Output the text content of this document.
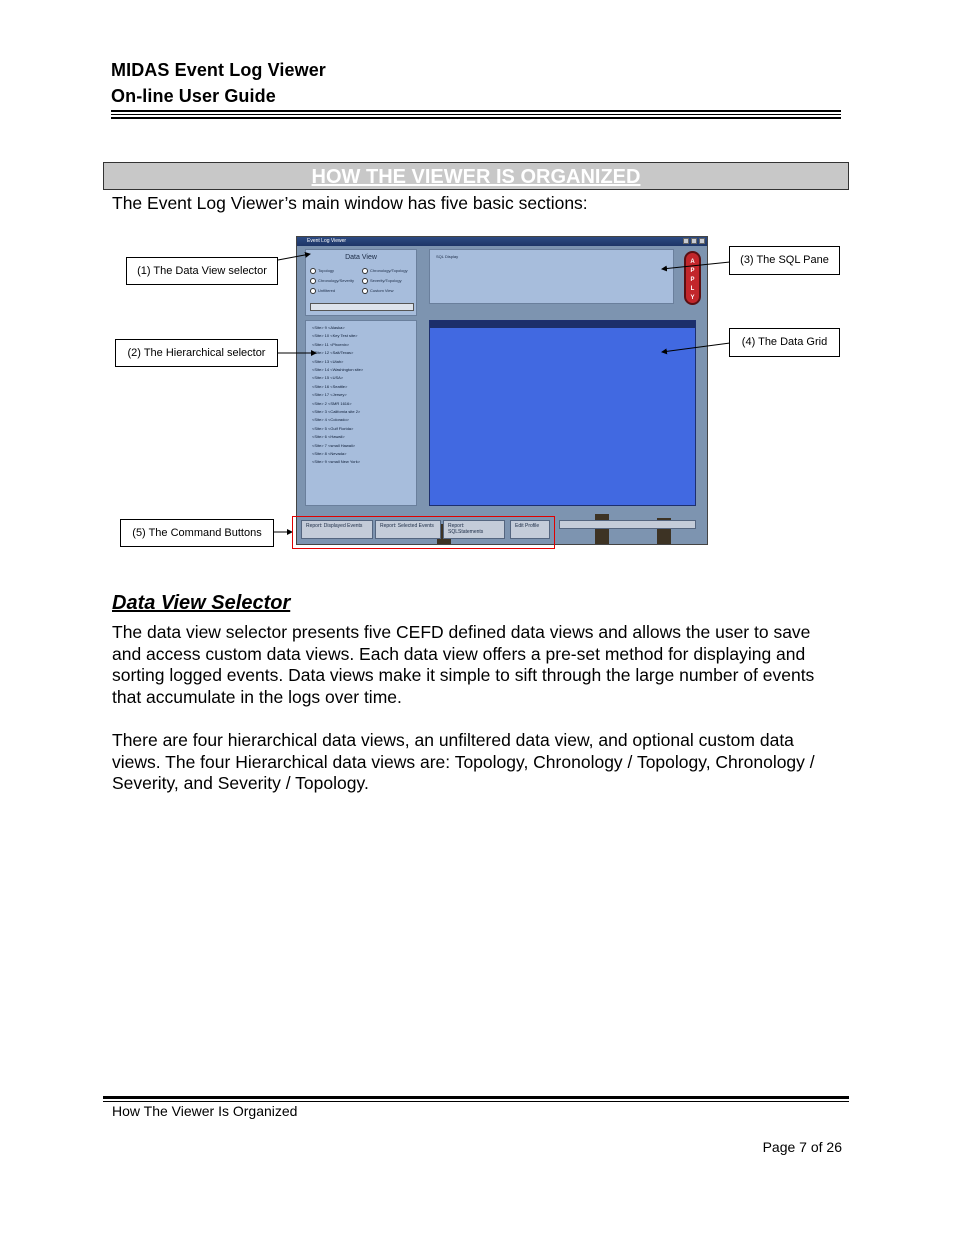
MIDAS Event Log Viewer
On-line User Guide
HOW THE VIEWER IS ORGANIZED
The Event Log Viewer’s main window has five basic sections:
Event Log Viewer
Data View
Topology	Chronology/Topology
Chronology/Severity	Severity/Topology
Unfiltered	Custom View
<Site> 9 <Alaska>
<Site> 10 <Key Test site>
<Site> 11 <Phoenix>
<Site> 12 <Salt/Texas>
<Site> 13 <Utah>
<Site> 14 <Washington site>
<Site> 15 <USA>
<Site> 16 <Seattle>
<Site> 17 <Jersey>
<Site> 2 <SMR 1616>
<Site> 3 <California site 2>
<Site> 4 <Colorado>
<Site> 5 <Gulf Florida>
<Site> 6 <Hawaii>
<Site> 7 <small Hawaii>
<Site> 8 <Nevada>
<Site> 9 <small New York>
SQL Display
A
P
P
L
Y
Report: Displayed Events	Report: Selected Events	Report: SQLStatements
Edit Profile
(1) The Data View selector
(2) The Hierarchical selector
(3) The SQL Pane
(4) The Data Grid
(5) The Command Buttons
Data View Selector
The data view selector presents five CEFD defined data views and allows the user to save and access custom data views. Each data view offers a pre-set method for displaying and sorting logged events. Data views make it simple to sift through the large number of events that accumulate in the logs over time.
There are four hierarchical data views, an unfiltered data view, and optional custom data views. The four Hierarchical data views are: Topology, Chronology / Topology, Chronology / Severity, and Severity / Topology.
How The Viewer Is Organized
Page 7 of 26
